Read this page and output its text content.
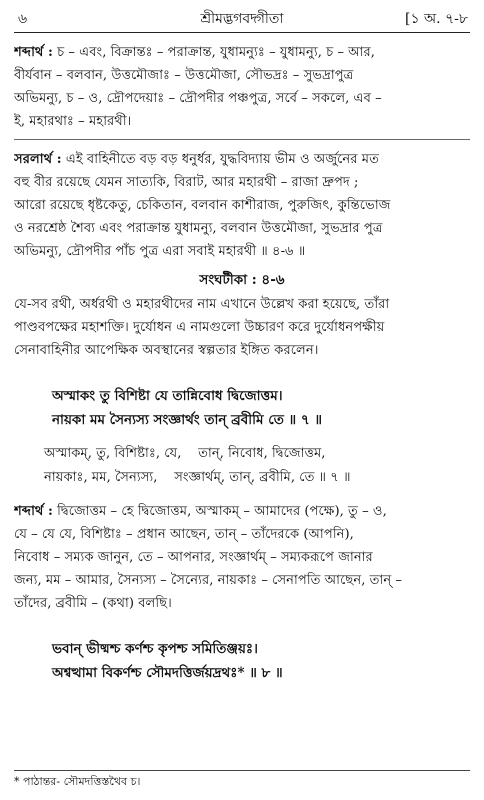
৬	শ্রীমদ্ভগবদ্গীতা	[১ অ. ৭-৮
শব্দার্থ : চ – এবং, বিক্রান্তঃ – পরাক্রান্ত, যুধামন্যুঃ – যুধামন্যু, চ – আর,
বীর্যবান – বলবান, উত্তমৌজাঃ – উত্তমৌজা, সৌভদ্রঃ – সুভদ্রাপুত্র
অভিমন্যু, চ – ও, দ্রৌপদেয়াঃ – দ্রৌপদীর পঞ্চপুত্র, সর্বে – সকলে, এব –
ই, মহারথাঃ – মহারথী।
সরলার্থ : এই বাহিনীতে বড় বড় ধনুর্ধর, যুদ্ধবিদ্যায় ভীম ও অর্জুনের মত
বহু বীর রয়েছে যেমন সাত্যকি, বিরাট, আর মহারথী – রাজা দ্রুপদ ;
আরো রয়েছে ধৃষ্টকেতু, চেকিতান, বলবান কাশীরাজ, পুরুজিৎ, কুন্তিভোজ
ও নরশ্রেষ্ঠ শৈব্য এবং পরাক্রান্ত যুধামন্যু, বলবান উত্তমৌজা, সুভদ্রার পুত্র
অভিমন্যু, দ্রৌপদীর পাঁচ পুত্র এরা সবাই মহারথী ॥ ৪-৬ ॥
সংঘটীকা : ৪-৬
যে-সব রথী, অর্ধরথী ও মহারথীদের নাম এখানে উল্লেখ করা হয়েছে, তাঁরা
পাণ্ডবপক্ষের মহাশক্তি। দুর্যোধন এ নামগুলো উচ্চারণ করে দুর্যোধনপক্ষীয়
সেনাবাহিনীর আপেক্ষিক অবস্থানের স্বল্পতার ইঙ্গিত করলেন।
অস্মাকং তু বিশিষ্টা যে তান্নিবোধ দ্বিজোত্তম।
নায়কা মম সৈন্যস্য সংজ্ঞার্থং তান্ ব্রবীমি তে ॥ ৭ ॥
অস্মাকম্, তু, বিশিষ্টাঃ, যে,    তান্, নিবোধ, দ্বিজোত্তম,
নায়কাঃ, মম, সৈন্যস্য,    সংজ্ঞার্থম্, তান্, ব্রবীমি, তে ॥ ৭ ॥
শব্দার্থ : দ্বিজোত্তম – হে দ্বিজোত্তম, অস্মাকম্ – আমাদের (পক্ষে), তু – ও,
যে – যে যে, বিশিষ্টাঃ – প্রধান আছেন, তান্ – তাঁদেরকে (আপনি),
নিবোধ – সম্যক জানুন, তে – আপনার, সংজ্ঞার্থম্ – সম্যকরূপে জানার
জন্য, মম – আমার, সৈন্যস্য – সৈন্যের, নায়কাঃ – সেনাপতি আছেন, তান্ –
তাঁদের, ব্রবীমি – (কথা) বলছি।
ভবান্ ভীষ্মশ্চ কর্ণশ্চ কৃপশ্চ সমিতিঞ্জয়ঃ।
অশ্বত্থামা বিকর্ণশ্চ সৌমদত্তির্জয়দ্রথঃ* ॥ ৮ ॥
* পাঠান্তর- সৌমদত্তিস্তথৈব চ।
